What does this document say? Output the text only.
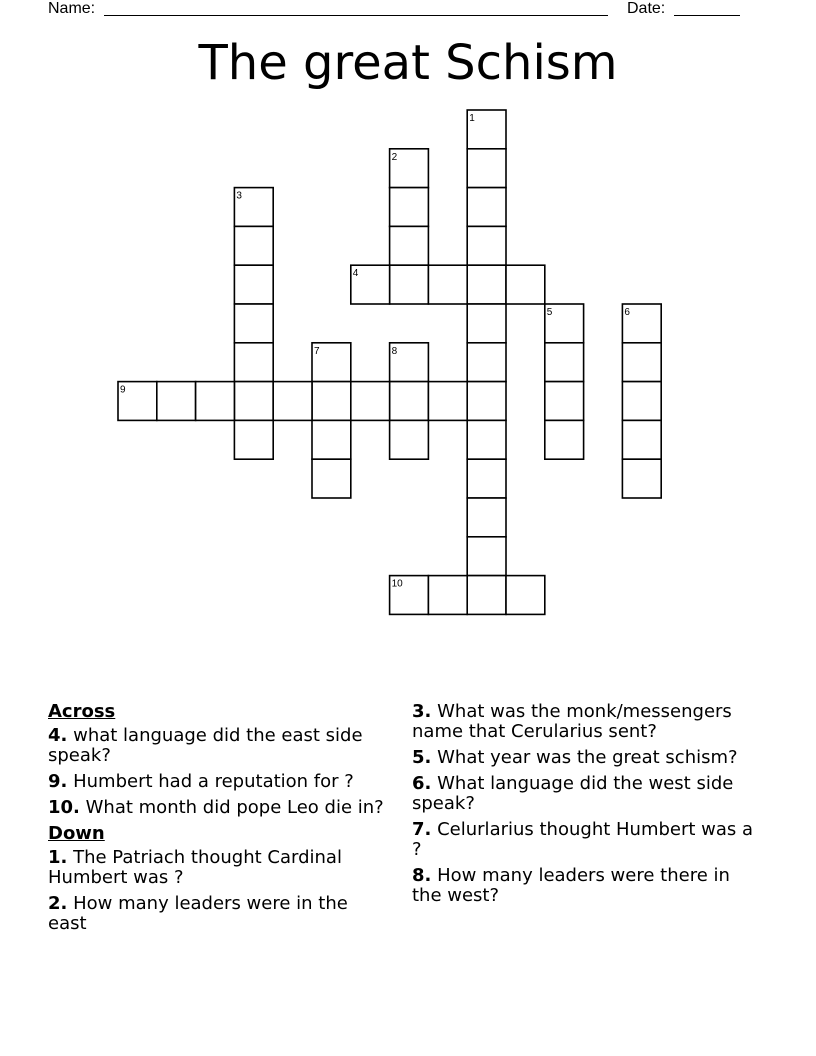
Name:	Date:
The great Schism
1
2
3
4
5	6
7	8
9
10
Across
4. what language did the east side speak?
9. Humbert had a reputation for ?
10. What month did pope Leo die in?
Down
1. The Patriach thought Cardinal Humbert was ?
2. How many leaders were in the east
3. What was the monk/messengers name that Cerularius sent?
5. What year was the great schism?
6. What language did the west side speak?
7. Celurlarius thought Humbert was a ?
8. How many leaders were there in the west?
